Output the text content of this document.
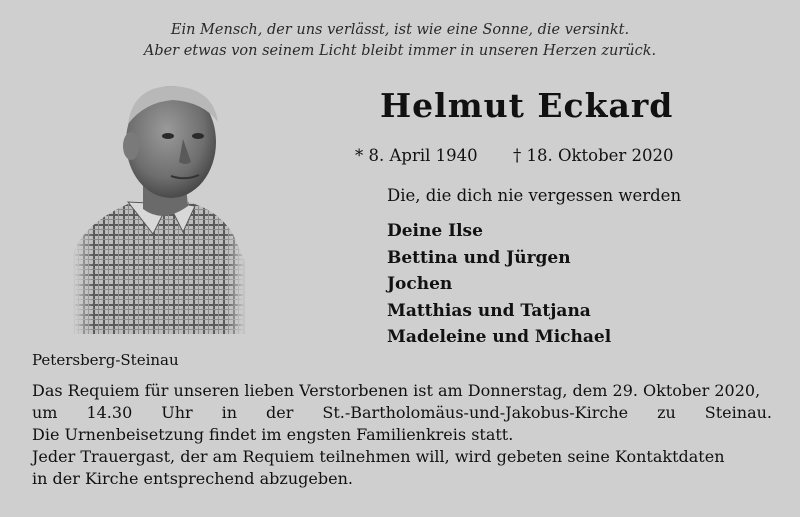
Ein Mensch, der uns verlässt, ist wie eine Sonne, die versinkt.
Aber etwas von seinem Licht bleibt immer in unseren Herzen zurück.
Helmut Eckard
* 8. April 1940 † 18. Oktober 2020
Die, die dich nie vergessen werden
Deine Ilse
Bettina und Jürgen
Jochen
Matthias und Tatjana
Madeleine und Michael
Petersberg-Steinau
Das Requiem für unseren lieben Verstorbenen ist am Donnerstag, dem 29. Oktober 2020,
um 14.30 Uhr in der St.-Bartholomäus-und-Jakobus-Kirche zu Steinau.
Die Urnenbeisetzung findet im engsten Familienkreis statt.
Jeder Trauergast, der am Requiem teilnehmen will, wird gebeten seine Kontaktdaten
in der Kirche entsprechend abzugeben.
